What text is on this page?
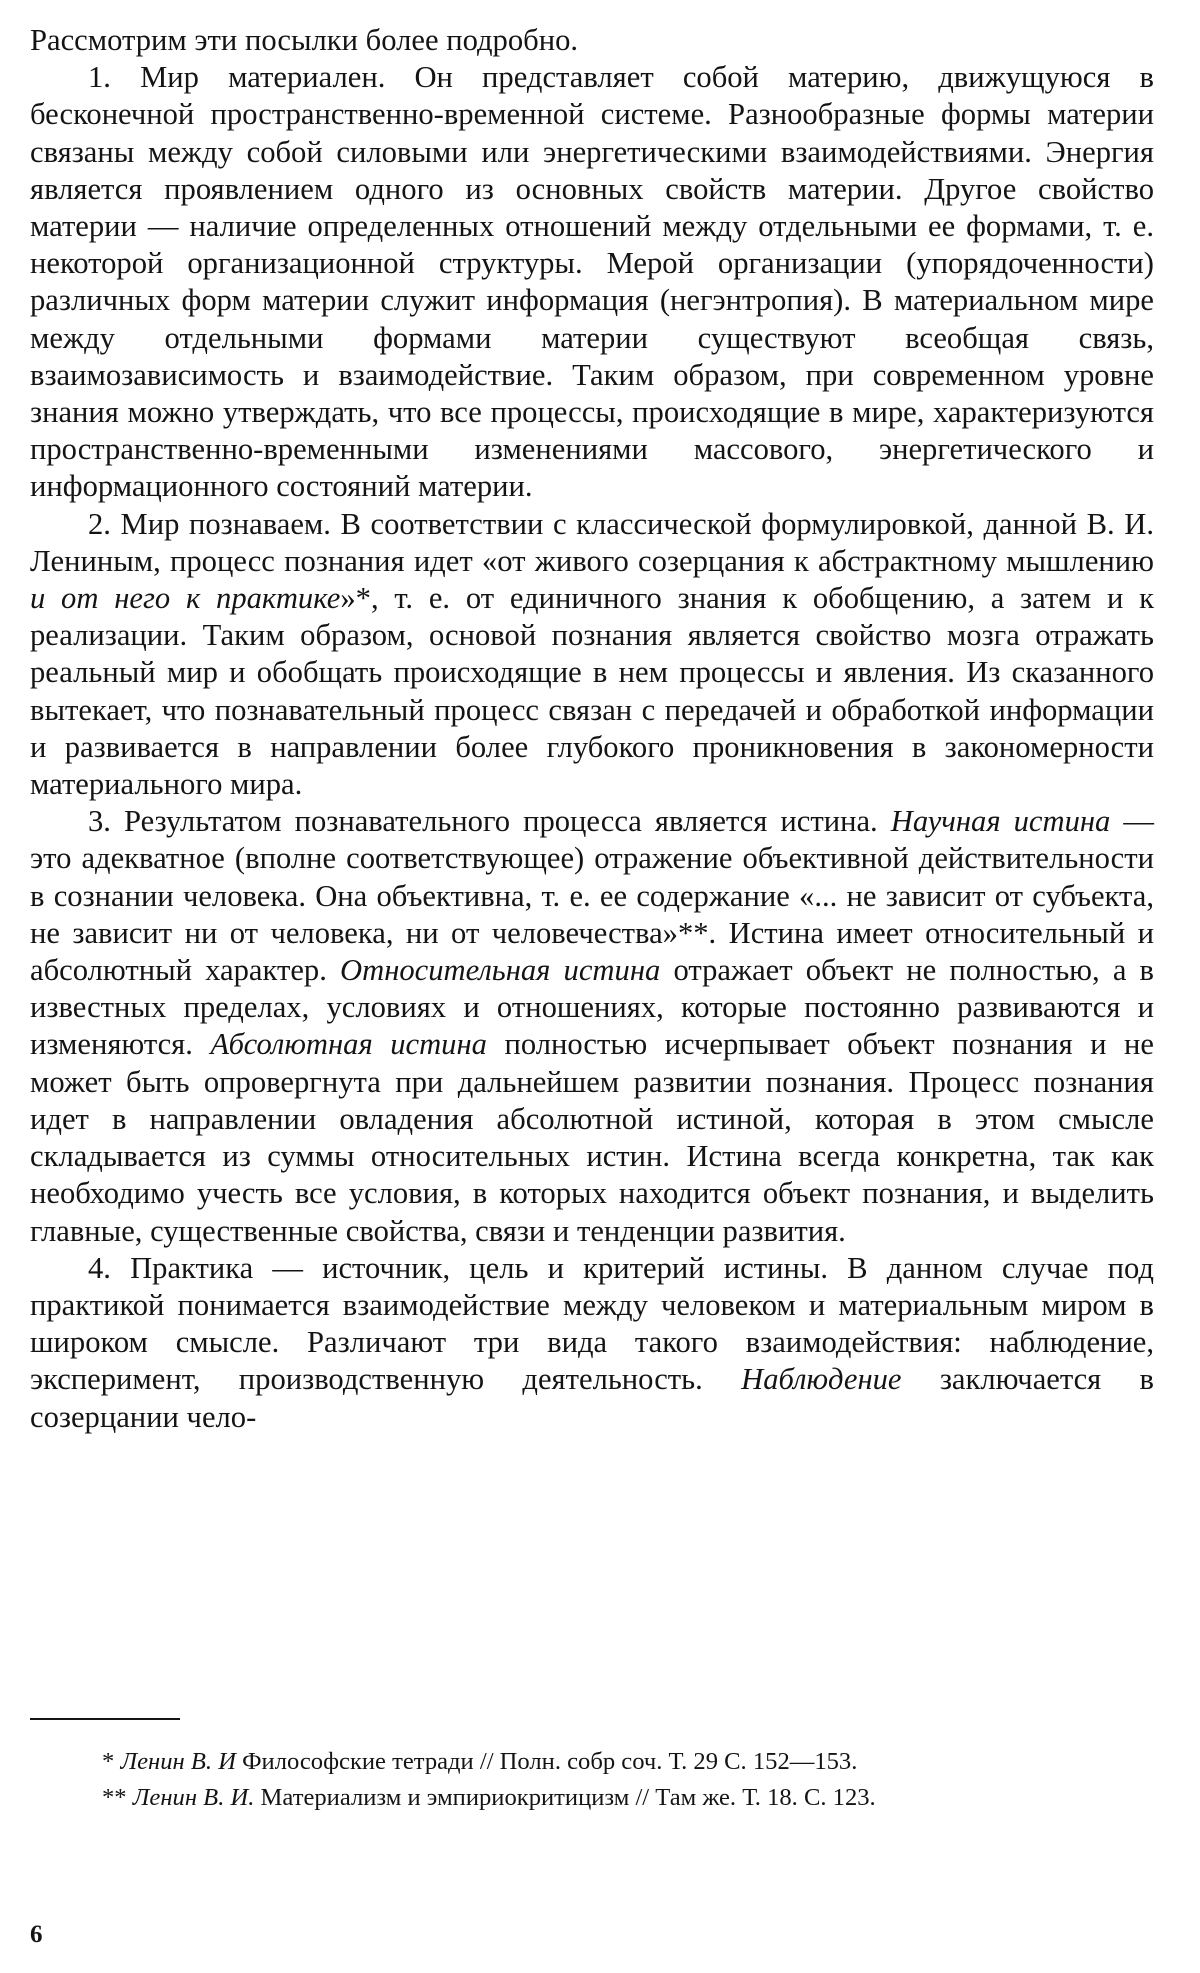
Рассмотрим эти посылки более подробно.

1. Мир материален. Он представляет собой материю, движущуюся в бесконечной пространственно-временной системе. Разнообразные формы материи связаны между собой силовыми или энергетическими взаимодействиями. Энергия является проявлением одного из основных свойств материи. Другое свойство материи — наличие определенных отношений между отдельными ее формами, т. е. некоторой организационной структуры. Мерой организации (упорядоченности) различных форм материи служит информация (негэнтропия). В материальном мире между отдельными формами материи существуют всеобщая связь, взаимозависимость и взаимодействие. Таким образом, при современном уровне знания можно утверждать, что все процессы, происходящие в мире, характеризуются пространственно-временными изменениями массового, энергетического и информационного состояний материи.

2. Мир познаваем. В соответствии с классической формулировкой, данной В. И. Лениным, процесс познания идет «от живого созерцания к абстрактному мышлению и от него к практике»*, т. е. от единичного знания к обобщению, а затем и к реализации. Таким образом, основой познания является свойство мозга отражать реальный мир и обобщать происходящие в нем процессы и явления. Из сказанного вытекает, что познавательный процесс связан с передачей и обработкой информации и развивается в направлении более глубокого проникновения в закономерности материального мира.

3. Результатом познавательного процесса является истина. Научная истина — это адекватное (вполне соответствующее) отражение объективной действительности в сознании человека. Она объективна, т. е. ее содержание «... не зависит от субъекта, не зависит ни от человека, ни от человечества»**. Истина имеет относительный и абсолютный характер. Относительная истина отражает объект не полностью, а в известных пределах, условиях и отношениях, которые постоянно развиваются и изменяются. Абсолютная истина полностью исчерпывает объект познания и не может быть опровергнута при дальнейшем развитии познания. Процесс познания идет в направлении овладения абсолютной истиной, которая в этом смысле складывается из суммы относительных истин. Истина всегда конкретна, так как необходимо учесть все условия, в которых находится объект познания, и выделить главные, существенные свойства, связи и тенденции развития.

4. Практика — источник, цель и критерий истины. В данном случае под практикой понимается взаимодействие между человеком и материальным миром в широком смысле. Различают три вида такого взаимодействия: наблюдение, эксперимент, производственную деятельность. Наблюдение заключается в созерцании чело-

* Ленин В. И Философские тетради // Полн. собр соч. Т. 29 С. 152—153.

** Ленин В. И. Материализм и эмпириокритицизм // Там же. Т. 18. С. 123.

6
